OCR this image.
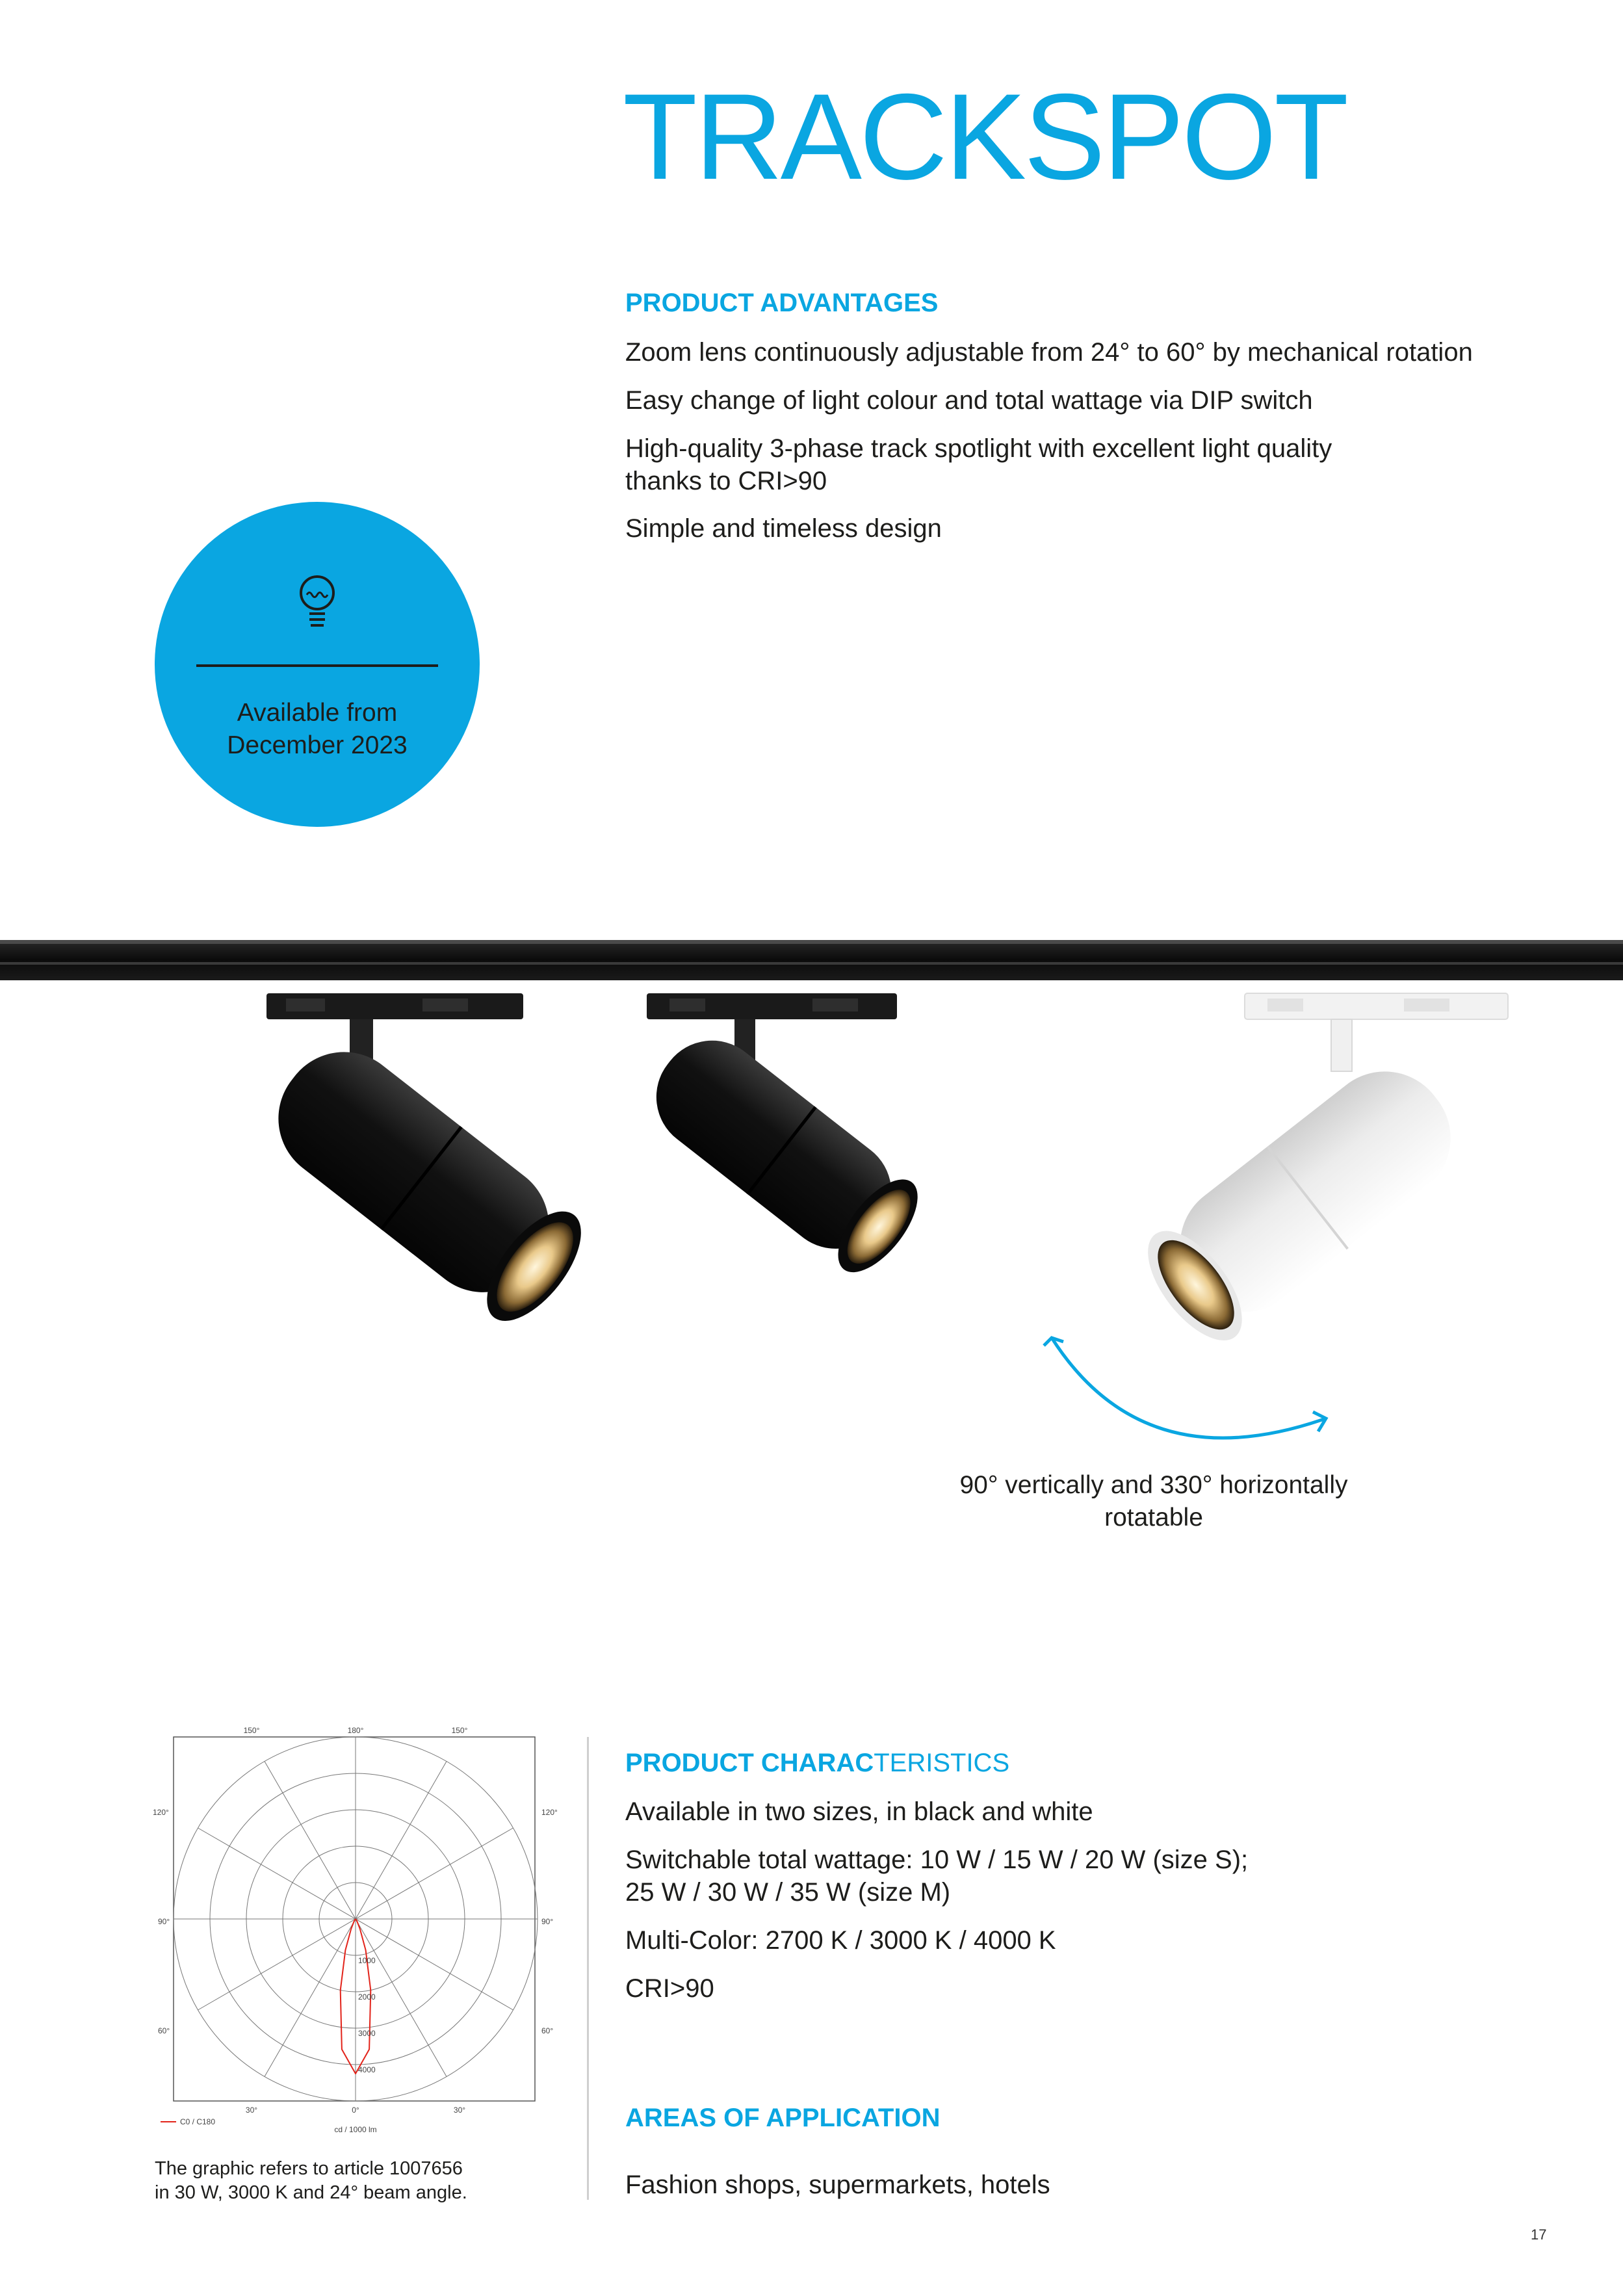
TRACKSPOT
PRODUCT ADVANTAGES
Zoom lens continuously adjustable from 24° to 60° by mechanical rotation
Easy change of light colour and total wattage via DIP switch
High-quality 3-phase track spotlight with excellent light quality
thanks to CRI>90
Simple and timeless design
Available from
December 2023
90° vertically and 330° horizontally
rotatable
150°	180°	150°
120°	120°
90°	90°
60°	60°
30°	0°	30°
1000
2000
3000
4000
C0 / C180
cd / 1000 lm
The graphic refers to article 1007656
in 30 W, 3000 K and 24° beam angle.
PRODUCT CHARACTERISTICS
Available in two sizes, in black and white
Switchable total wattage: 10 W / 15 W / 20 W (size S);
25 W / 30 W / 35 W (size M)
Multi-Color: 2700 K / 3000 K / 4000 K
CRI>90
AREAS OF APPLICATION
Fashion shops, supermarkets, hotels
17
